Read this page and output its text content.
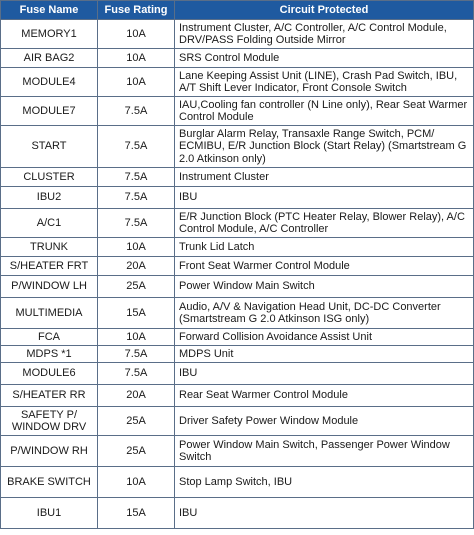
Fuse Name	Fuse Rating	Circuit Protected
MEMORY1	10A	Instrument Cluster, A/C Controller, A/C Control Module, DRV/PASS Folding Outside Mirror
AIR BAG2	10A	SRS Control Module
MODULE4	10A	Lane Keeping Assist Unit (LINE), Crash Pad Switch, IBU, A/T Shift Lever Indicator, Front Console Switch
MODULE7	7.5A	IAU,Cooling fan controller (N Line only), Rear Seat Warmer Control Module
START	7.5A	Burglar Alarm Relay, Transaxle Range Switch, PCM/ ECMIBU, E/R Junction Block (Start Relay) (Smartstream G 2.0 Atkinson only)
CLUSTER	7.5A	Instrument Cluster
IBU2	7.5A	IBU
A/C1	7.5A	E/R Junction Block (PTC Heater Relay, Blower Relay), A/C Control Module, A/C Controller
TRUNK	10A	Trunk Lid Latch
S/HEATER FRT	20A	Front Seat Warmer Control Module
P/WINDOW LH	25A	Power Window Main Switch
MULTIMEDIA	15A	Audio, A/V & Navigation Head Unit, DC-DC Converter (Smartstream G 2.0 Atkinson ISG only)
FCA	10A	Forward Collision Avoidance Assist Unit
MDPS *1	7.5A	MDPS Unit
MODULE6	7.5A	IBU
S/HEATER RR	20A	Rear Seat Warmer Control Module
SAFETY P/ WINDOW DRV	25A	Driver Safety Power Window Module
P/WINDOW RH	25A	Power Window Main Switch, Passenger Power Window Switch
BRAKE SWITCH	10A	Stop Lamp Switch, IBU
IBU1	15A	IBU
